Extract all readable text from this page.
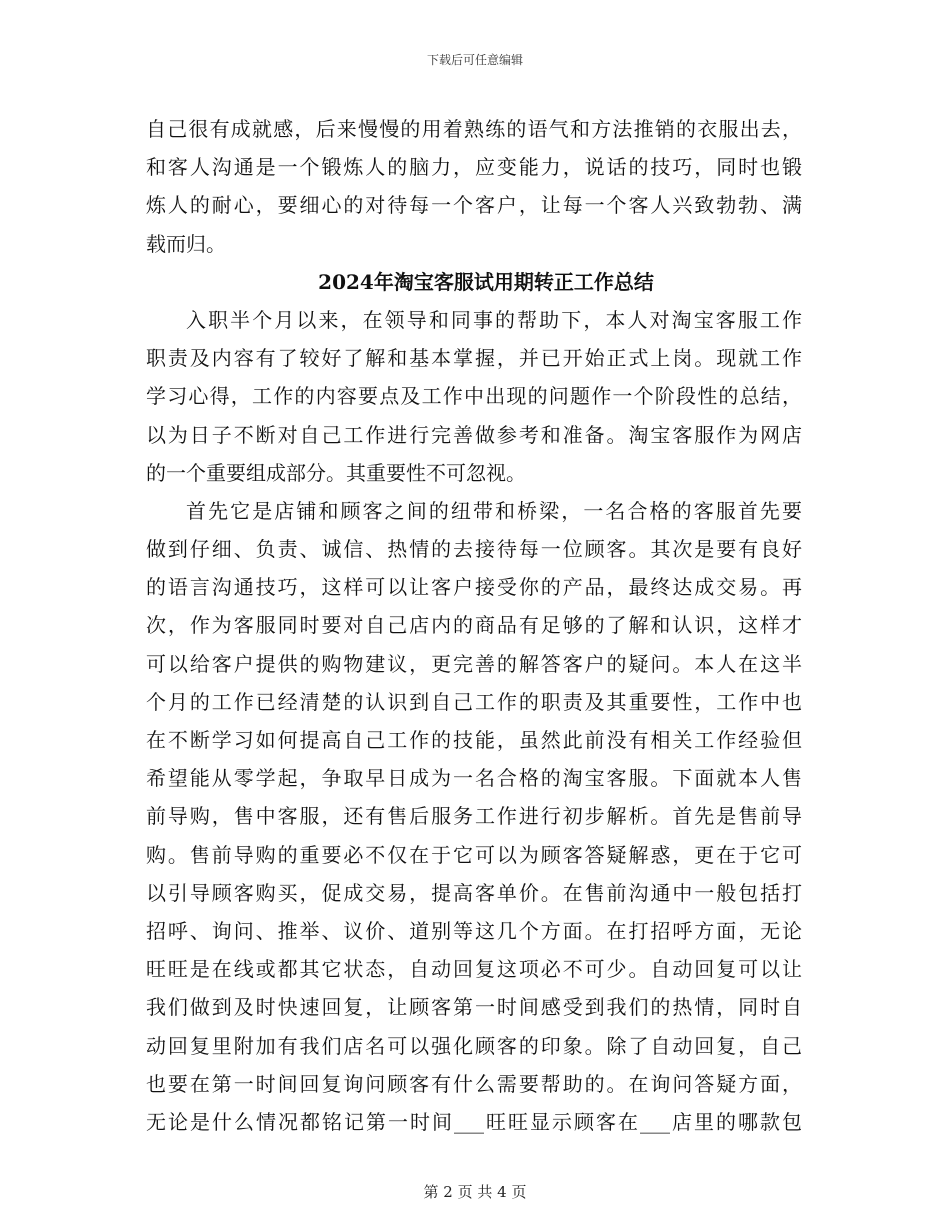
下载后可任意编辑
自己很有成就感，后来慢慢的用着熟练的语气和方法推销的衣服出去，
和客人沟通是一个锻炼人的脑力，应变能力，说话的技巧，同时也锻
炼人的耐心，要细心的对待每一个客户，让每一个客人兴致勃勃、满
载而归。
2024年淘宝客服试用期转正工作总结
入职半个月以来，在领导和同事的帮助下，本人对淘宝客服工作
职责及内容有了较好了解和基本掌握，并已开始正式上岗。现就工作
学习心得，工作的内容要点及工作中出现的问题作一个阶段性的总结，
以为日子不断对自己工作进行完善做参考和准备。淘宝客服作为网店
的一个重要组成部分。其重要性不可忽视。
首先它是店铺和顾客之间的纽带和桥梁，一名合格的客服首先要
做到仔细、负责、诚信、热情的去接待每一位顾客。其次是要有良好
的语言沟通技巧，这样可以让客户接受你的产品，最终达成交易。再
次，作为客服同时要对自己店内的商品有足够的了解和认识，这样才
可以给客户提供的购物建议，更完善的解答客户的疑问。本人在这半
个月的工作已经清楚的认识到自己工作的职责及其重要性，工作中也
在不断学习如何提高自己工作的技能，虽然此前没有相关工作经验但
希望能从零学起，争取早日成为一名合格的淘宝客服。下面就本人售
前导购，售中客服，还有售后服务工作进行初步解析。首先是售前导
购。售前导购的重要必不仅在于它可以为顾客答疑解惑，更在于它可
以引导顾客购买，促成交易，提高客单价。在售前沟通中一般包括打
招呼、询问、推举、议价、道别等这几个方面。在打招呼方面，无论
旺旺是在线或都其它状态，自动回复这项必不可少。自动回复可以让
我们做到及时快速回复，让顾客第一时间感受到我们的热情，同时自
动回复里附加有我们店名可以强化顾客的印象。除了自动回复，自己
也要在第一时间回复询问顾客有什么需要帮助的。在询问答疑方面，
无论是什么情况都铭记第一时间___旺旺显示顾客在___店里的哪款包
第 2 页 共 4 页
